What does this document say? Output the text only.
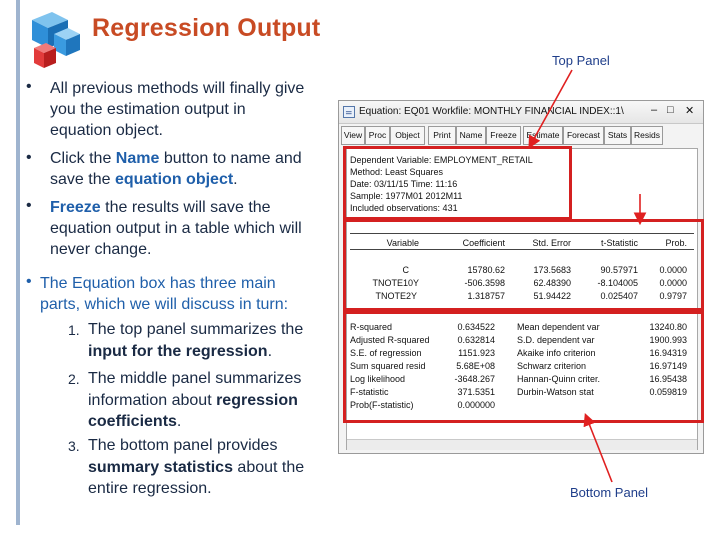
Regression Output
• All previous methods will finally give
you the estimation output in
equation object.
• Click the Name button to name and
save the equation object.
• Freeze the results will save the
equation output in a table which will
never change.
• The Equation box has three main
parts, which we will discuss in turn:
1. The top panel summarizes the
input for the regression.
2. The middle panel summarizes
information about regression
coefficients.
3. The bottom panel provides
summary statistics about the
entire regression.
Top Panel
Bottom Panel
= Equation: EQ01 Workfile: MONTHLY FINANCIAL INDEX::1\ – □ ✕
View Proc	Object	Print	Name Freeze	Estimate Forecast Stats Resids
Dependent Variable: EMPLOYMENT_RETAIL
Method: Least Squares
Date: 03/11/15 Time: 11:16
Sample: 1977M01 2012M11
Included observations: 431
Variable	Coefficient	Std. Error	t-Statistic	Prob.
C	15780.62	173.5683	90.57971	0.0000
TNOTE10Y	-506.3598	62.48390	-8.104005	0.0000
TNOTE2Y	1.318757	51.94422	0.025407	0.9797
R-squared	0.634522 Mean dependent var	13240.80
Adjusted R-squared	0.632814 S.D. dependent var	1900.993
S.E. of regression	1151.923 Akaike info criterion	16.94319
Sum squared resid	5.68E+08 Schwarz criterion	16.97149
Log likelihood	-3648.267 Hannan-Quinn criter.	16.95438
F-statistic	371.5351 Durbin-Watson stat	0.059819
Prob(F-statistic)	0.000000
